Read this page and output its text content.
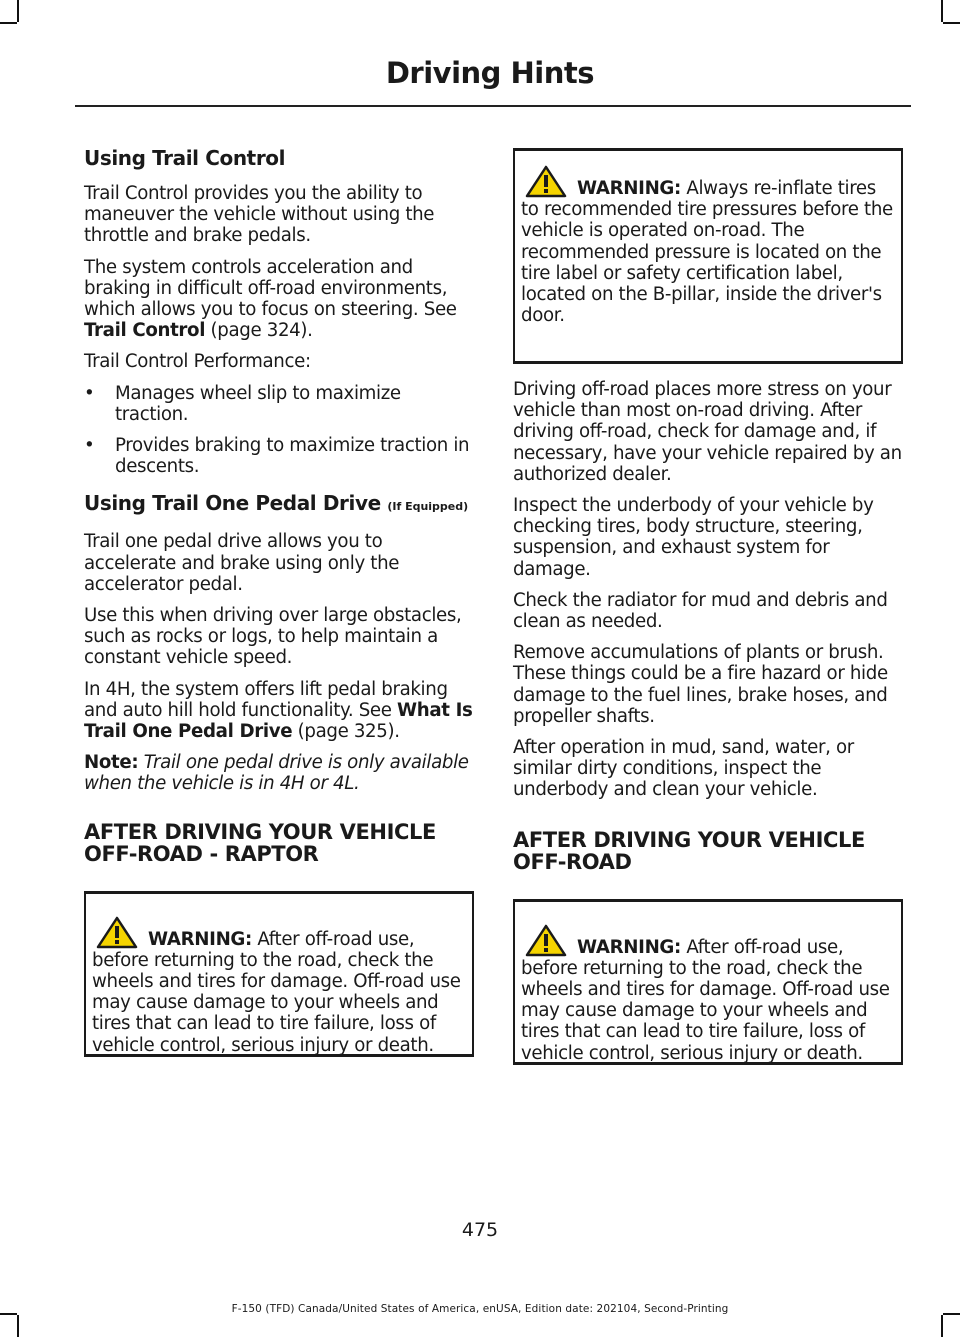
Driving Hints
Using Trail Control

Trail Control provides you the ability to maneuver the vehicle without using the throttle and brake pedals.

The system controls acceleration and braking in difficult off-road environments, which allows you to focus on steering. See Trail Control (page 324).

Trail Control Performance:

• Manages wheel slip to maximize traction.
• Provides braking to maximize traction in descents.
Using Trail One Pedal Drive (If Equipped)

Trail one pedal drive allows you to accelerate and brake using only the accelerator pedal.

Use this when driving over large obstacles, such as rocks or logs, to help maintain a constant vehicle speed.

In 4H, the system offers lift pedal braking and auto hill hold functionality. See What Is Trail One Pedal Drive (page 325).

Note: Trail one pedal drive is only available when the vehicle is in 4H or 4L.

AFTER DRIVING YOUR VEHICLE OFF-ROAD - RAPTOR

WARNING: After off-road use, before returning to the road, check the wheels and tires for damage. Off-road use may cause damage to your wheels and tires that can lead to tire failure, loss of vehicle control, serious injury or death.

WARNING: Always re-inflate tires to recommended tire pressures before the vehicle is operated on-road. The recommended pressure is located on the tire label or safety certification label, located on the B-pillar, inside the driver's door.

Driving off-road places more stress on your vehicle than most on-road driving. After driving off-road, check for damage and, if necessary, have your vehicle repaired by an authorized dealer.

Inspect the underbody of your vehicle by checking tires, body structure, steering, suspension, and exhaust system for damage.

Check the radiator for mud and debris and clean as needed.

Remove accumulations of plants or brush. These things could be a fire hazard or hide damage to the fuel lines, brake hoses, and propeller shafts.

After operation in mud, sand, water, or similar dirty conditions, inspect the underbody and clean your vehicle.

AFTER DRIVING YOUR VEHICLE OFF-ROAD

WARNING: After off-road use, before returning to the road, check the wheels and tires for damage. Off-road use may cause damage to your wheels and tires that can lead to tire failure, loss of vehicle control, serious injury or death.

475
F-150 (TFD) Canada/United States of America, enUSA, Edition date: 202104, Second-Printing
